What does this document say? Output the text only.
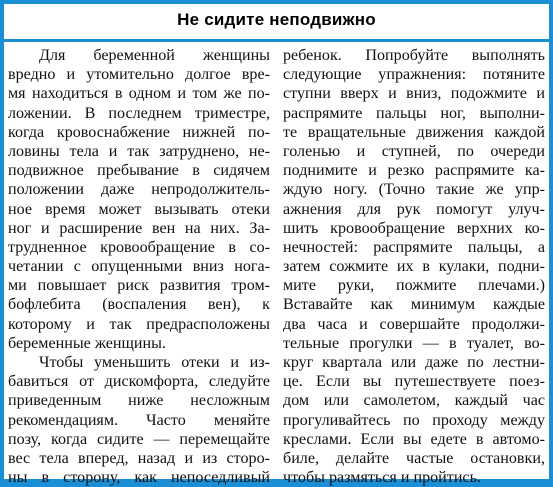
Не сидите неподвижно
Для беременной женщины
вредно и утомительно долгое вре-
мя находиться в одном и том же по-
ложении. В последнем триместре,
когда кровоснабжение нижней по-
ловины тела и так затруднено, не-
подвижное пребывание в сидячем
положении даже непродолжитель-
ное время может вызывать отеки
ног и расширение вен на них. За-
трудненное кровообращение в со-
четании с опущенными вниз нога-
ми повышает риск развития тром-
бофлебита (воспаления вен), к
которому и так предрасположены
беременные женщины.
Чтобы уменьшить отеки и из-
бавиться от дискомфорта, следуйте
приведенным ниже несложным
рекомендациям. Часто меняйте
позу, когда сидите — перемещайте
вес тела вперед, назад и из сторо-
ны в сторону, как непоседливый
ребенок. Попробуйте выполнять
следующие упражнения: потяните
ступни вверх и вниз, подожмите и
распрямите пальцы ног, выполни-
те вращательные движения каждой
голенью и ступней, по очереди
поднимите и резко распрямите ка-
ждую ногу. (Точно такие же упр-
ажнения для рук помогут улуч-
шить кровообращение верхних ко-
нечностей: распрямите пальцы, а
затем сожмите их в кулаки, подни-
мите руки, пожмите плечами.)
Вставайте как минимум каждые
два часа и совершайте продолжи-
тельные прогулки — в туалет, во-
круг квартала или даже по лестни-
це. Если вы путешествуете поез-
дом или самолетом, каждый час
прогуливайтесь по проходу между
креслами. Если вы едете в автомо-
биле, делайте частые остановки,
чтобы размяться и пройтись.
